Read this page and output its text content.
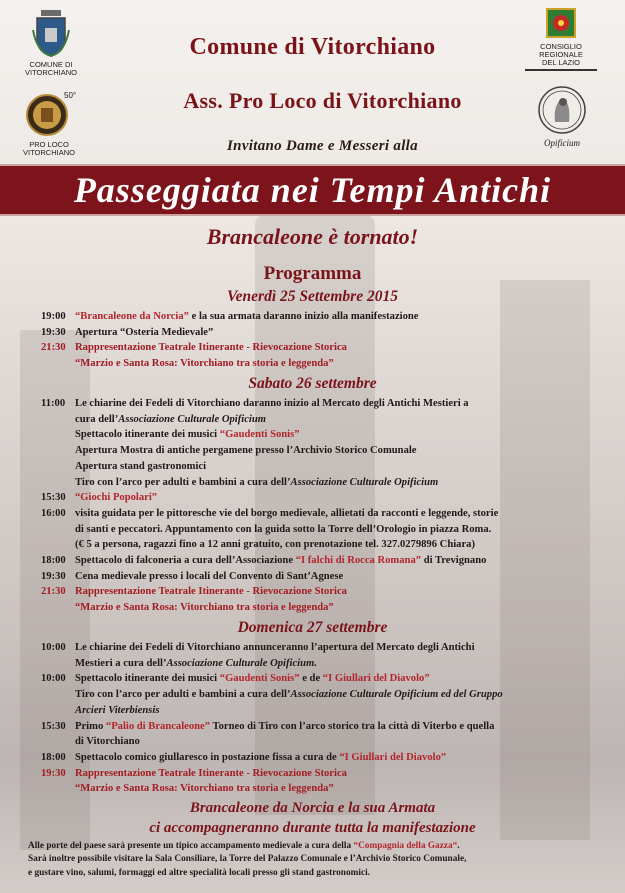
COMUNE DI VITORCHIANO
50°
PRO LOCO VITORCHIANO
CONSIGLIO
REGIONALE
DEL LAZIO
Opificium
Comune di Vitorchiano
Ass. Pro Loco di Vitorchiano
Invitano Dame e Messeri alla
Passeggiata nei Tempi Antichi
Brancaleone è tornato!
Programma
Venerdì 25 Settembre 2015
19:00 “Brancaleone da Norcia” e la sua armata daranno inizio alla manifestazione
19:30 Apertura “Osteria Medievale”
21:30 Rappresentazione Teatrale Itinerante - Rievocazione Storica
“Marzio e Santa Rosa: Vitorchiano tra storia e leggenda”
Sabato 26 settembre
11:00 Le chiarine dei Fedeli di Vitorchiano daranno inizio al Mercato degli Antichi Mestieri a
cura dell’Associazione Culturale Opificium
Spettacolo itinerante dei musici “Gaudenti Sonis”
Apertura Mostra di antiche pergamene presso l’Archivio Storico Comunale
Apertura stand gastronomici
Tiro con l’arco per adulti e bambini a cura dell’Associazione Culturale Opificium
15:30 “Giochi Popolari”
16:00 visita guidata per le pittoresche vie del borgo medievale, allietati da racconti e leggende, storie
di santi e peccatori. Appuntamento con la guida sotto la Torre dell’Orologio in piazza Roma.
(€ 5 a persona, ragazzi fino a 12 anni gratuito, con prenotazione tel. 327.0279896 Chiara)
18:00 Spettacolo di falconeria a cura dell’Associazione “I falchi di Rocca Romana” di Trevignano
19:30 Cena medievale presso i locali del Convento di Sant’Agnese
21:30 Rappresentazione Teatrale Itinerante - Rievocazione Storica
“Marzio e Santa Rosa: Vitorchiano tra storia e leggenda”
Domenica 27 settembre
10:00 Le chiarine dei Fedeli di Vitorchiano annunceranno l’apertura del Mercato degli Antichi
Mestieri a cura dell’Associazione Culturale Opificium.
10:00 Spettacolo itinerante dei musici “Gaudenti Sonis” e de “I Giullari del Diavolo”
Tiro con l’arco per adulti e bambini a cura dell’Associazione Culturale Opificium ed del Gruppo
Arcieri Viterbiensis
15:30 Primo “Palio di Brancaleone” Torneo di Tiro con l’arco storico tra la città di Viterbo e quella
di Vitorchiano
18:00 Spettacolo comico giullaresco in postazione fissa a cura de “I Giullari del Diavolo”
19:30 Rappresentazione Teatrale Itinerante - Rievocazione Storica
“Marzio e Santa Rosa: Vitorchiano tra storia e leggenda”
Brancaleone da Norcia e la sua Armata
ci accompagneranno durante tutta la manifestazione
Alle porte del paese sarà presente un tipico accampamento medievale a cura della “Compagnia della Gazza“.
Sarà inoltre possibile visitare la Sala Consiliare, la Torre del Palazzo Comunale e l’Archivio Storico Comunale,
e gustare vino, salumi, formaggi ed altre specialità locali presso gli stand gastronomici.
